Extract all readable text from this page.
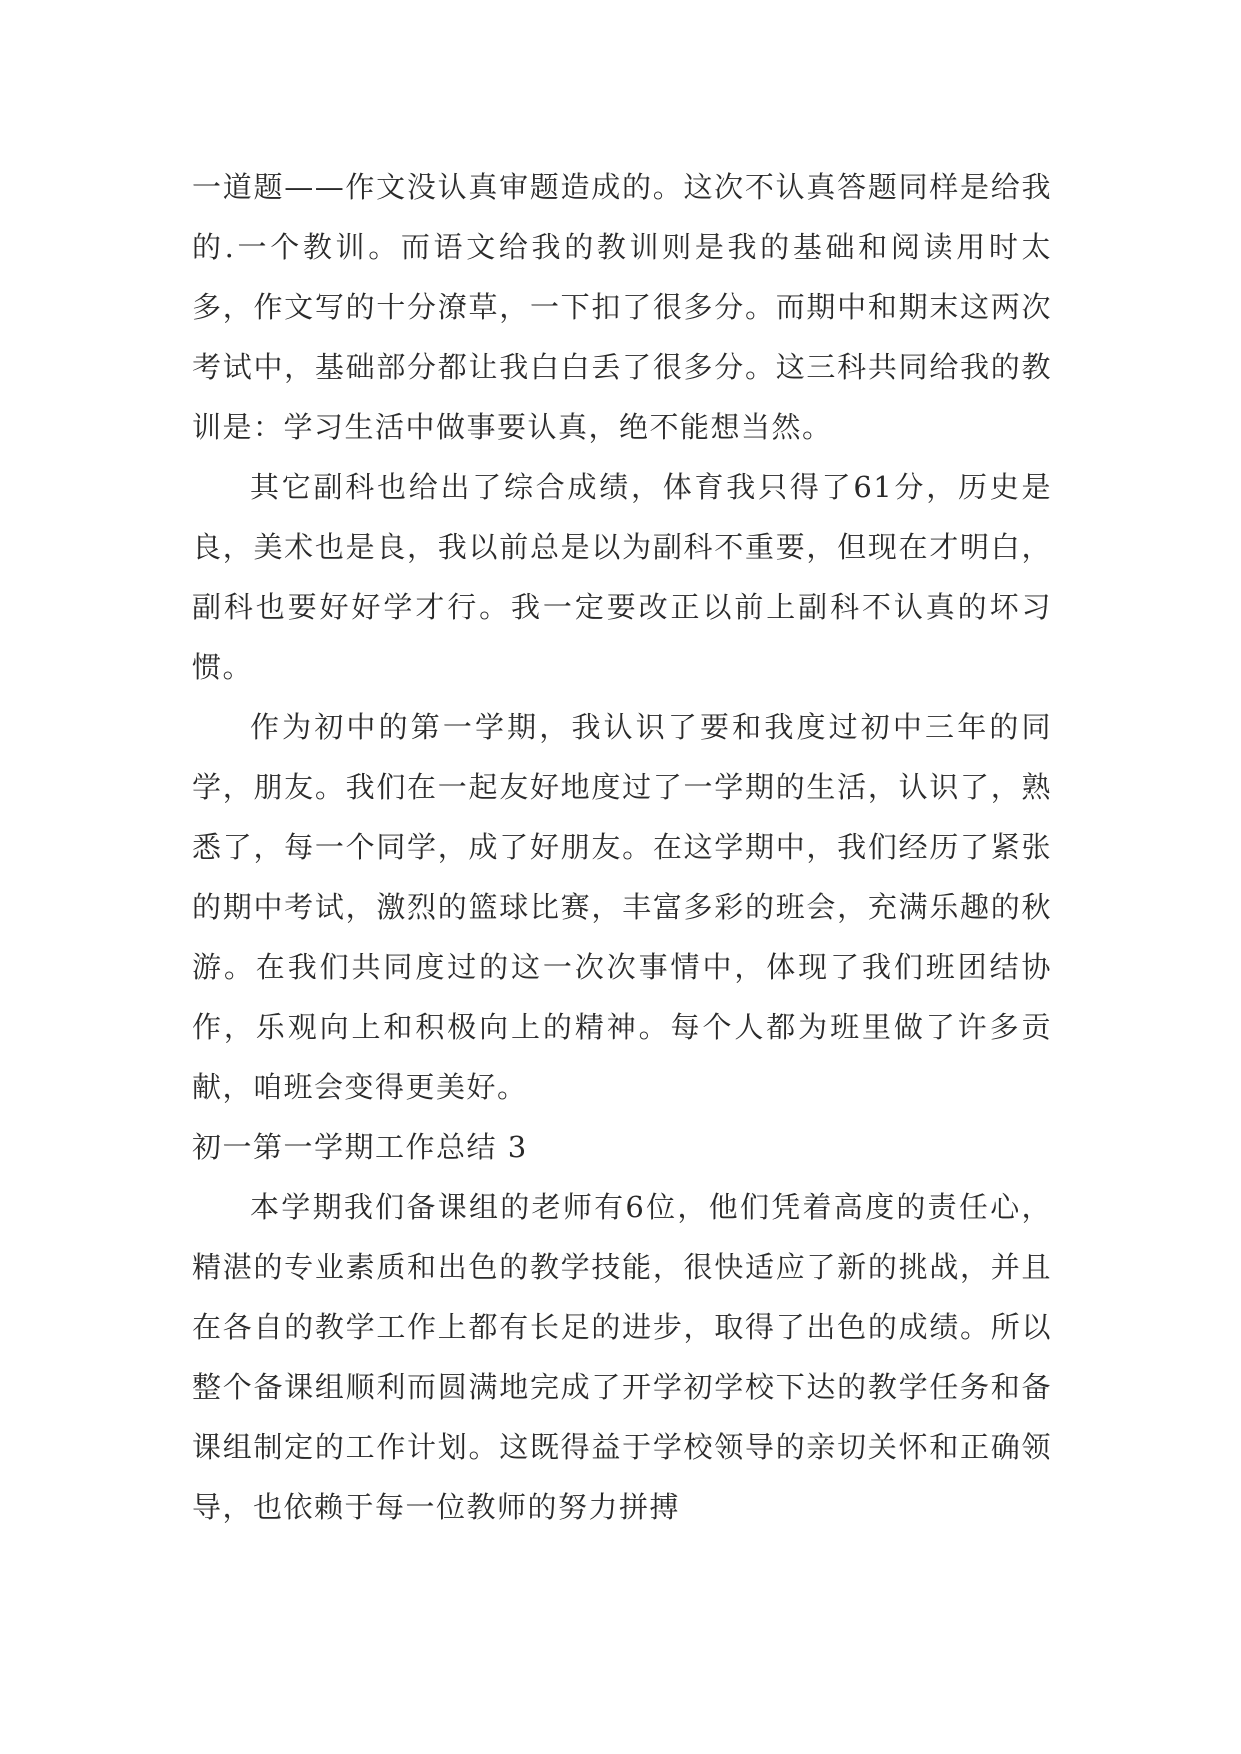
一道题——作文没认真审题造成的。这次不认真答题同样是给我的.一个教训。而语文给我的教训则是我的基础和阅读用时太多，作文写的十分潦草，一下扣了很多分。而期中和期末这两次考试中，基础部分都让我白白丢了很多分。这三科共同给我的教训是：学习生活中做事要认真，绝不能想当然。

其它副科也给出了综合成绩，体育我只得了61分，历史是良，美术也是良，我以前总是以为副科不重要，但现在才明白，副科也要好好学才行。我一定要改正以前上副科不认真的坏习惯。

作为初中的第一学期，我认识了要和我度过初中三年的同学，朋友。我们在一起友好地度过了一学期的生活，认识了，熟悉了，每一个同学，成了好朋友。在这学期中，我们经历了紧张的期中考试，激烈的篮球比赛，丰富多彩的班会，充满乐趣的秋游。在我们共同度过的这一次次事情中，体现了我们班团结协作，乐观向上和积极向上的精神。每个人都为班里做了许多贡献，咱班会变得更美好。

初一第一学期工作总结 3

本学期我们备课组的老师有6位，他们凭着高度的责任心，精湛的专业素质和出色的教学技能，很快适应了新的挑战，并且在各自的教学工作上都有长足的进步，取得了出色的成绩。所以整个备课组顺利而圆满地完成了开学初学校下达的教学任务和备课组制定的工作计划。这既得益于学校领导的亲切关怀和正确领导，也依赖于每一位教师的努力拼搏
